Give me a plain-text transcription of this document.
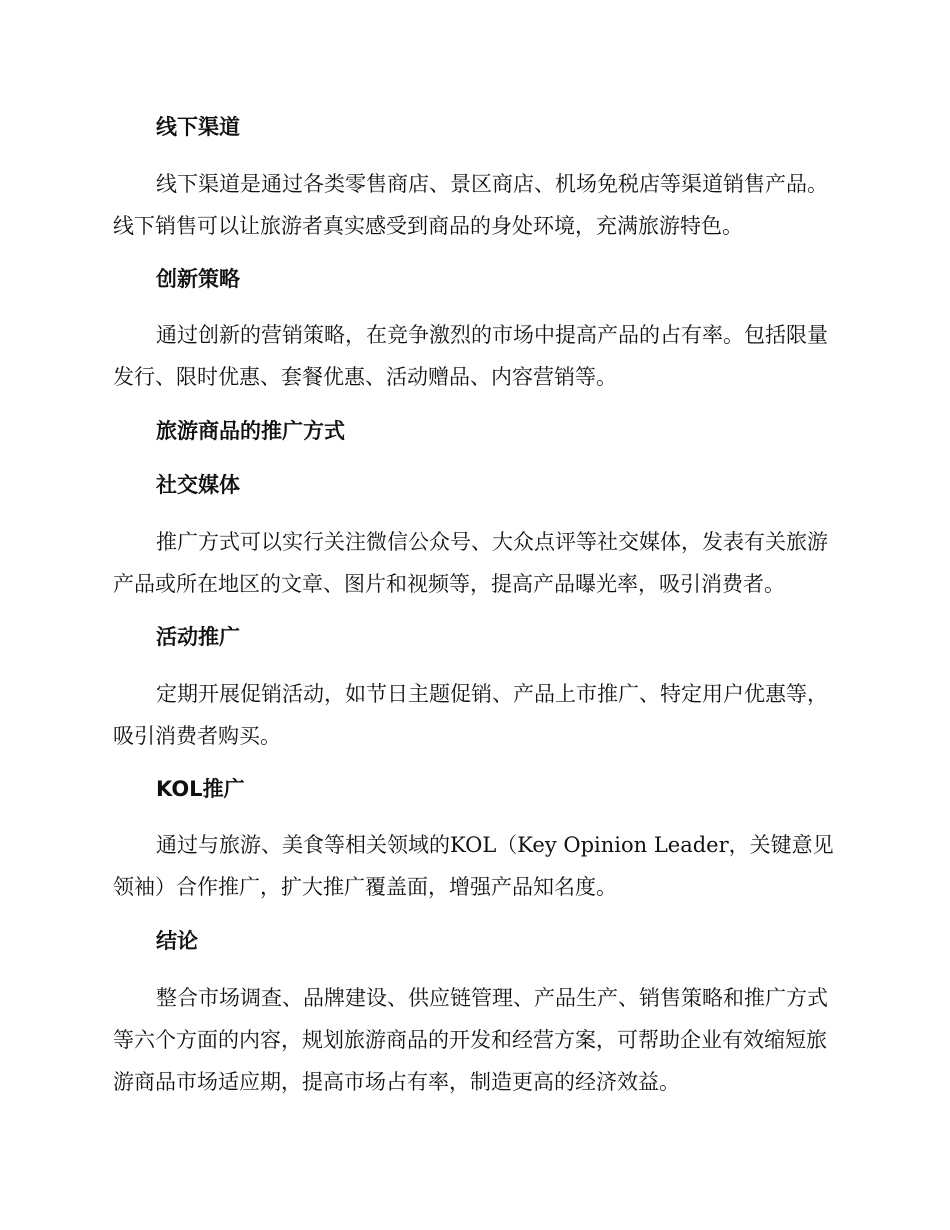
线下渠道
线下渠道是通过各类零售商店、景区商店、机场免税店等渠道销售产品。线下销售可以让旅游者真实感受到商品的身处环境，充满旅游特色。
创新策略
通过创新的营销策略，在竞争激烈的市场中提高产品的占有率。包括限量发行、限时优惠、套餐优惠、活动赠品、内容营销等。
旅游商品的推广方式
社交媒体
推广方式可以实行关注微信公众号、大众点评等社交媒体，发表有关旅游产品或所在地区的文章、图片和视频等，提高产品曝光率，吸引消费者。
活动推广
定期开展促销活动，如节日主题促销、产品上市推广、特定用户优惠等，吸引消费者购买。
KOL推广
通过与旅游、美食等相关领域的KOL（Key Opinion Leader，关键意见领袖）合作推广，扩大推广覆盖面，增强产品知名度。
结论
整合市场调查、品牌建设、供应链管理、产品生产、销售策略和推广方式等六个方面的内容，规划旅游商品的开发和经营方案，可帮助企业有效缩短旅游商品市场适应期，提高市场占有率，制造更高的经济效益。
